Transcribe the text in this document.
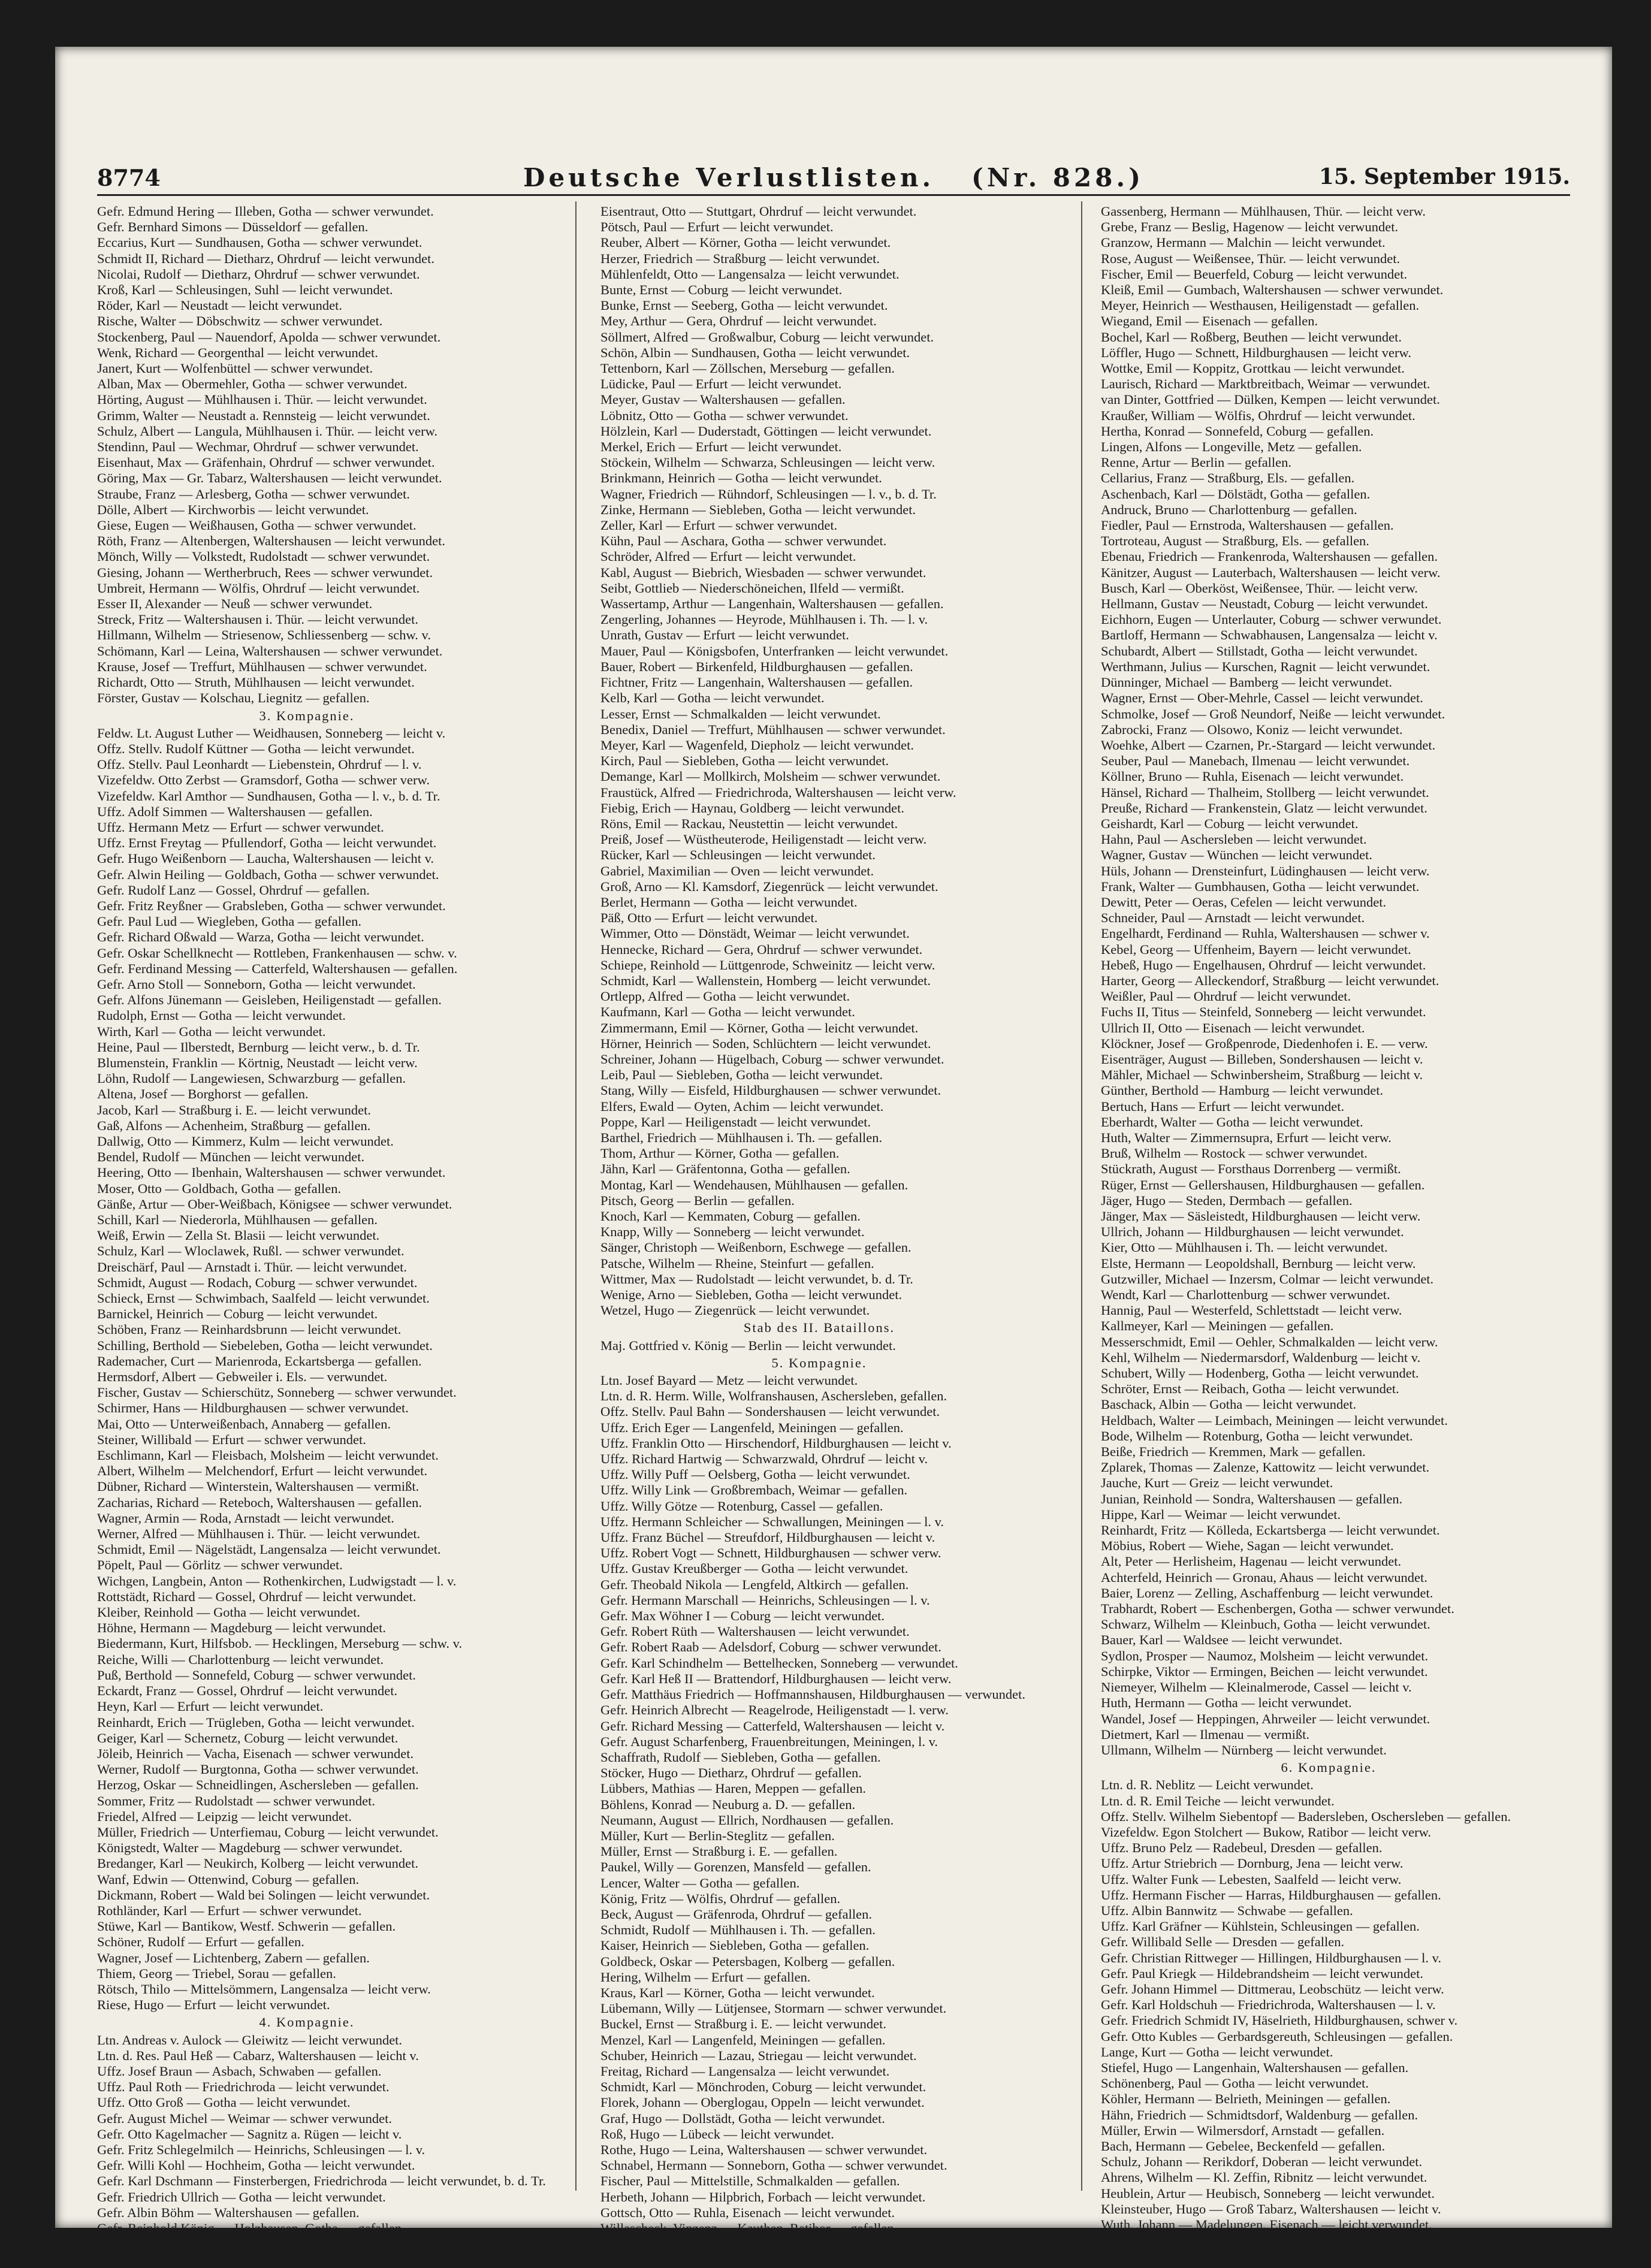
8774	Deutsche Verlustlisten. (Nr. 828.)	15. September 1915.
Gefr. Edmund Hering — Illeben, Gotha — schwer verwundet.
Gefr. Bernhard Simons — Düsseldorf — gefallen.
Eccarius, Kurt — Sundhausen, Gotha — schwer verwundet.
Schmidt II, Richard — Dietharz, Ohrdruf — leicht verwundet.
Nicolai, Rudolf — Dietharz, Ohrdruf — schwer verwundet.
Kroß, Karl — Schleusingen, Suhl — leicht verwundet.
Röder, Karl — Neustadt — leicht verwundet.
Rische, Walter — Döbschwitz — schwer verwundet.
Stockenberg, Paul — Nauendorf, Apolda — schwer verwundet.
Wenk, Richard — Georgenthal — leicht verwundet.
Janert, Kurt — Wolfenbüttel — schwer verwundet.
Alban, Max — Obermehler, Gotha — schwer verwundet.
Hörting, August — Mühlhausen i. Thür. — leicht verwundet.
Grimm, Walter — Neustadt a. Rennsteig — leicht verwundet.
Schulz, Albert — Langula, Mühlhausen i. Thür. — leicht verw.
Stendinn, Paul — Wechmar, Ohrdruf — schwer verwundet.
Eisenhaut, Max — Gräfenhain, Ohrdruf — schwer verwundet.
Göring, Max — Gr. Tabarz, Waltershausen — leicht verwundet.
Straube, Franz — Arlesberg, Gotha — schwer verwundet.
Dölle, Albert — Kirchworbis — leicht verwundet.
Giese, Eugen — Weißhausen, Gotha — schwer verwundet.
Röth, Franz — Altenbergen, Waltershausen — leicht verwundet.
Mönch, Willy — Volkstedt, Rudolstadt — schwer verwundet.
Giesing, Johann — Wertherbruch, Rees — schwer verwundet.
Umbreit, Hermann — Wölfis, Ohrdruf — leicht verwundet.
Esser II, Alexander — Neuß — schwer verwundet.
Streck, Fritz — Waltershausen i. Thür. — leicht verwundet.
Hillmann, Wilhelm — Striesenow, Schliessenberg — schw. v.
Schömann, Karl — Leina, Waltershausen — schwer verwundet.
Krause, Josef — Treffurt, Mühlhausen — schwer verwundet.
Richardt, Otto — Struth, Mühlhausen — leicht verwundet.
Förster, Gustav — Kolschau, Liegnitz — gefallen.
3. Kompagnie.
Feldw. Lt. August Luther — Weidhausen, Sonneberg — leicht v.
Offz. Stellv. Rudolf Küttner — Gotha — leicht verwundet.
Offz. Stellv. Paul Leonhardt — Liebenstein, Ohrdruf — l. v.
Vizefeldw. Otto Zerbst — Gramsdorf, Gotha — schwer verw.
Vizefeldw. Karl Amthor — Sundhausen, Gotha — l. v., b. d. Tr.
Uffz. Adolf Simmen — Waltershausen — gefallen.
Uffz. Hermann Metz — Erfurt — schwer verwundet.
Uffz. Ernst Freytag — Pfullendorf, Gotha — leicht verwundet.
Gefr. Hugo Weißenborn — Laucha, Waltershausen — leicht v.
Gefr. Alwin Heiling — Goldbach, Gotha — schwer verwundet.
Gefr. Rudolf Lanz — Gossel, Ohrdruf — gefallen.
Gefr. Fritz Reyßner — Grabsleben, Gotha — schwer verwundet.
Gefr. Paul Lud — Wiegleben, Gotha — gefallen.
Gefr. Richard Oßwald — Warza, Gotha — leicht verwundet.
Gefr. Oskar Schellknecht — Rottleben, Frankenhausen — schw. v.
Gefr. Ferdinand Messing — Catterfeld, Waltershausen — gefallen.
Gefr. Arno Stoll — Sonneborn, Gotha — leicht verwundet.
Gefr. Alfons Jünemann — Geisleben, Heiligenstadt — gefallen.
Rudolph, Ernst — Gotha — leicht verwundet.
Wirth, Karl — Gotha — leicht verwundet.
Heine, Paul — Ilberstedt, Bernburg — leicht verw., b. d. Tr.
Blumenstein, Franklin — Körtnig, Neustadt — leicht verw.
Löhn, Rudolf — Langewiesen, Schwarzburg — gefallen.
Altena, Josef — Borghorst — gefallen.
Jacob, Karl — Straßburg i. E. — leicht verwundet.
Gaß, Alfons — Achenheim, Straßburg — gefallen.
Dallwig, Otto — Kimmerz, Kulm — leicht verwundet.
Bendel, Rudolf — München — leicht verwundet.
Heering, Otto — Ibenhain, Waltershausen — schwer verwundet.
Moser, Otto — Goldbach, Gotha — gefallen.
Gänße, Artur — Ober-Weißbach, Königsee — schwer verwundet.
Schill, Karl — Niederorla, Mühlhausen — gefallen.
Weiß, Erwin — Zella St. Blasii — leicht verwundet.
Schulz, Karl — Wloclawek, Rußl. — schwer verwundet.
Dreischärf, Paul — Arnstadt i. Thür. — leicht verwundet.
Schmidt, August — Rodach, Coburg — schwer verwundet.
Schieck, Ernst — Schwimbach, Saalfeld — leicht verwundet.
Barnickel, Heinrich — Coburg — leicht verwundet.
Schöben, Franz — Reinhardsbrunn — leicht verwundet.
Schilling, Berthold — Siebeleben, Gotha — leicht verwundet.
Rademacher, Curt — Marienroda, Eckartsberga — gefallen.
Hermsdorf, Albert — Gebweiler i. Els. — verwundet.
Fischer, Gustav — Schierschütz, Sonneberg — schwer verwundet.
Schirmer, Hans — Hildburghausen — schwer verwundet.
Mai, Otto — Unterweißenbach, Annaberg — gefallen.
Steiner, Willibald — Erfurt — schwer verwundet.
Eschlimann, Karl — Fleisbach, Molsheim — leicht verwundet.
Albert, Wilhelm — Melchendorf, Erfurt — leicht verwundet.
Dübner, Richard — Winterstein, Waltershausen — vermißt.
Zacharias, Richard — Reteboch, Waltershausen — gefallen.
Wagner, Armin — Roda, Arnstadt — leicht verwundet.
Werner, Alfred — Mühlhausen i. Thür. — leicht verwundet.
Schmidt, Emil — Nägelstädt, Langensalza — leicht verwundet.
Pöpelt, Paul — Görlitz — schwer verwundet.
Wichgen, Langbein, Anton — Rothenkirchen, Ludwigstadt — l. v.
Rottstädt, Richard — Gossel, Ohrdruf — leicht verwundet.
Kleiber, Reinhold — Gotha — leicht verwundet.
Höhne, Hermann — Magdeburg — leicht verwundet.
Biedermann, Kurt, Hilfsbob. — Hecklingen, Merseburg — schw. v.
Reiche, Willi — Charlottenburg — leicht verwundet.
Puß, Berthold — Sonnefeld, Coburg — schwer verwundet.
Eckardt, Franz — Gossel, Ohrdruf — leicht verwundet.
Heyn, Karl — Erfurt — leicht verwundet.
Reinhardt, Erich — Trügleben, Gotha — leicht verwundet.
Geiger, Karl — Schernetz, Coburg — leicht verwundet.
Jöleib, Heinrich — Vacha, Eisenach — schwer verwundet.
Werner, Rudolf — Burgtonna, Gotha — schwer verwundet.
Herzog, Oskar — Schneidlingen, Aschersleben — gefallen.
Sommer, Fritz — Rudolstadt — schwer verwundet.
Friedel, Alfred — Leipzig — leicht verwundet.
Müller, Friedrich — Unterfiemau, Coburg — leicht verwundet.
Königstedt, Walter — Magdeburg — schwer verwundet.
Bredanger, Karl — Neukirch, Kolberg — leicht verwundet.
Wanf, Edwin — Ottenwind, Coburg — gefallen.
Dickmann, Robert — Wald bei Solingen — leicht verwundet.
Rothländer, Karl — Erfurt — schwer verwundet.
Stüwe, Karl — Bantikow, Westf. Schwerin — gefallen.
Schöner, Rudolf — Erfurt — gefallen.
Wagner, Josef — Lichtenberg, Zabern — gefallen.
Thiem, Georg — Triebel, Sorau — gefallen.
Rötsch, Thilo — Mittelsömmern, Langensalza — leicht verw.
Riese, Hugo — Erfurt — leicht verwundet.
4. Kompagnie.
Ltn. Andreas v. Aulock — Gleiwitz — leicht verwundet.
Ltn. d. Res. Paul Heß — Cabarz, Waltershausen — leicht v.
Uffz. Josef Braun — Asbach, Schwaben — gefallen.
Uffz. Paul Roth — Friedrichroda — leicht verwundet.
Uffz. Otto Groß — Gotha — leicht verwundet.
Gefr. August Michel — Weimar — schwer verwundet.
Gefr. Otto Kagelmacher — Sagnitz a. Rügen — leicht v.
Gefr. Fritz Schlegelmilch — Heinrichs, Schleusingen — l. v.
Gefr. Willi Kohl — Hochheim, Gotha — leicht verwundet.
Gefr. Karl Dschmann — Finsterbergen, Friedrichroda — leicht verwundet, b. d. Tr.
Gefr. Friedrich Ullrich — Gotha — leicht verwundet.
Gefr. Albin Böhm — Waltershausen — gefallen.
Gefr. Reinhold König — Holzhausen, Gotha — gefallen.
Ullrich, Paul — Siebleben, Gotha — leicht verwundet.
Eisentraut, Otto — Stuttgart, Ohrdruf — leicht verwundet.
Pötsch, Paul — Erfurt — leicht verwundet.
Reuber, Albert — Körner, Gotha — leicht verwundet.
Herzer, Friedrich — Straßburg — leicht verwundet.
Mühlenfeldt, Otto — Langensalza — leicht verwundet.
Bunte, Ernst — Coburg — leicht verwundet.
Bunke, Ernst — Seeberg, Gotha — leicht verwundet.
Mey, Arthur — Gera, Ohrdruf — leicht verwundet.
Söllmert, Alfred — Großwalbur, Coburg — leicht verwundet.
Schön, Albin — Sundhausen, Gotha — leicht verwundet.
Tettenborn, Karl — Zöllschen, Merseburg — gefallen.
Lüdicke, Paul — Erfurt — leicht verwundet.
Meyer, Gustav — Waltershausen — gefallen.
Löbnitz, Otto — Gotha — schwer verwundet.
Hölzlein, Karl — Duderstadt, Göttingen — leicht verwundet.
Merkel, Erich — Erfurt — leicht verwundet.
Stöckein, Wilhelm — Schwarza, Schleusingen — leicht verw.
Brinkmann, Heinrich — Gotha — leicht verwundet.
Wagner, Friedrich — Rühndorf, Schleusingen — l. v., b. d. Tr.
Zinke, Hermann — Siebleben, Gotha — leicht verwundet.
Zeller, Karl — Erfurt — schwer verwundet.
Kühn, Paul — Aschara, Gotha — schwer verwundet.
Schröder, Alfred — Erfurt — leicht verwundet.
Kabl, August — Biebrich, Wiesbaden — schwer verwundet.
Seibt, Gottlieb — Niederschöneichen, Ilfeld — vermißt.
Wassertamp, Arthur — Langenhain, Waltershausen — gefallen.
Zengerling, Johannes — Heyrode, Mühlhausen i. Th. — l. v.
Unrath, Gustav — Erfurt — leicht verwundet.
Mauer, Paul — Königsbofen, Unterfranken — leicht verwundet.
Bauer, Robert — Birkenfeld, Hildburghausen — gefallen.
Fichtner, Fritz — Langenhain, Waltershausen — gefallen.
Kelb, Karl — Gotha — leicht verwundet.
Lesser, Ernst — Schmalkalden — leicht verwundet.
Benedix, Daniel — Treffurt, Mühlhausen — schwer verwundet.
Meyer, Karl — Wagenfeld, Diepholz — leicht verwundet.
Kirch, Paul — Siebleben, Gotha — leicht verwundet.
Demange, Karl — Mollkirch, Molsheim — schwer verwundet.
Fraustück, Alfred — Friedrichroda, Waltershausen — leicht verw.
Fiebig, Erich — Haynau, Goldberg — leicht verwundet.
Röns, Emil — Rackau, Neustettin — leicht verwundet.
Preiß, Josef — Wüstheuterode, Heiligenstadt — leicht verw.
Rücker, Karl — Schleusingen — leicht verwundet.
Gabriel, Maximilian — Oven — leicht verwundet.
Groß, Arno — Kl. Kamsdorf, Ziegenrück — leicht verwundet.
Berlet, Hermann — Gotha — leicht verwundet.
Päß, Otto — Erfurt — leicht verwundet.
Wimmer, Otto — Dönstädt, Weimar — leicht verwundet.
Hennecke, Richard — Gera, Ohrdruf — schwer verwundet.
Schiepe, Reinhold — Lüttgenrode, Schweinitz — leicht verw.
Schmidt, Karl — Wallenstein, Homberg — leicht verwundet.
Ortlepp, Alfred — Gotha — leicht verwundet.
Kaufmann, Karl — Gotha — leicht verwundet.
Zimmermann, Emil — Körner, Gotha — leicht verwundet.
Hörner, Heinrich — Soden, Schlüchtern — leicht verwundet.
Schreiner, Johann — Hügelbach, Coburg — schwer verwundet.
Leib, Paul — Siebleben, Gotha — leicht verwundet.
Stang, Willy — Eisfeld, Hildburghausen — schwer verwundet.
Elfers, Ewald — Oyten, Achim — leicht verwundet.
Poppe, Karl — Heiligenstadt — leicht verwundet.
Barthel, Friedrich — Mühlhausen i. Th. — gefallen.
Thom, Arthur — Körner, Gotha — gefallen.
Jähn, Karl — Gräfentonna, Gotha — gefallen.
Montag, Karl — Wendehausen, Mühlhausen — gefallen.
Pitsch, Georg — Berlin — gefallen.
Knoch, Karl — Kemmaten, Coburg — gefallen.
Knapp, Willy — Sonneberg — leicht verwundet.
Sänger, Christoph — Weißenborn, Eschwege — gefallen.
Patsche, Wilhelm — Rheine, Steinfurt — gefallen.
Wittmer, Max — Rudolstadt — leicht verwundet, b. d. Tr.
Wenige, Arno — Siebleben, Gotha — leicht verwundet.
Wetzel, Hugo — Ziegenrück — leicht verwundet.
Stab des II. Bataillons.
Maj. Gottfried v. König — Berlin — leicht verwundet.
5. Kompagnie.
Ltn. Josef Bayard — Metz — leicht verwundet.
Ltn. d. R. Herm. Wille, Wolfranshausen, Aschersleben, gefallen.
Offz. Stellv. Paul Bahn — Sondershausen — leicht verwundet.
Uffz. Erich Eger — Langenfeld, Meiningen — gefallen.
Uffz. Franklin Otto — Hirschendorf, Hildburghausen — leicht v.
Uffz. Richard Hartwig — Schwarzwald, Ohrdruf — leicht v.
Uffz. Willy Puff — Oelsberg, Gotha — leicht verwundet.
Uffz. Willy Link — Großbrembach, Weimar — gefallen.
Uffz. Willy Götze — Rotenburg, Cassel — gefallen.
Uffz. Hermann Schleicher — Schwallungen, Meiningen — l. v.
Uffz. Franz Büchel — Streufdorf, Hildburghausen — leicht v.
Uffz. Robert Vogt — Schnett, Hildburghausen — schwer verw.
Uffz. Gustav Kreußberger — Gotha — leicht verwundet.
Gefr. Theobald Nikola — Lengfeld, Altkirch — gefallen.
Gefr. Hermann Marschall — Heinrichs, Schleusingen — l. v.
Gefr. Max Wöhner I — Coburg — leicht verwundet.
Gefr. Robert Rüth — Waltershausen — leicht verwundet.
Gefr. Robert Raab — Adelsdorf, Coburg — schwer verwundet.
Gefr. Karl Schindhelm — Bettelhecken, Sonneberg — verwundet.
Gefr. Karl Heß II — Brattendorf, Hildburghausen — leicht verw.
Gefr. Matthäus Friedrich — Hoffmannshausen, Hildburghausen — verwundet.
Gefr. Heinrich Albrecht — Reagelrode, Heiligenstadt — l. verw.
Gefr. Richard Messing — Catterfeld, Waltershausen — leicht v.
Gefr. August Scharfenberg, Frauenbreitungen, Meiningen, l. v.
Schaffrath, Rudolf — Siebleben, Gotha — gefallen.
Stöcker, Hugo — Dietharz, Ohrdruf — gefallen.
Lübbers, Mathias — Haren, Meppen — gefallen.
Böhlens, Konrad — Neuburg a. D. — gefallen.
Neumann, August — Ellrich, Nordhausen — gefallen.
Müller, Kurt — Berlin-Steglitz — gefallen.
Müller, Ernst — Straßburg i. E. — gefallen.
Paukel, Willy — Gorenzen, Mansfeld — gefallen.
Lencer, Walter — Gotha — gefallen.
König, Fritz — Wölfis, Ohrdruf — gefallen.
Beck, August — Gräfenroda, Ohrdruf — gefallen.
Schmidt, Rudolf — Mühlhausen i. Th. — gefallen.
Kaiser, Heinrich — Siebleben, Gotha — gefallen.
Goldbeck, Oskar — Petersbagen, Kolberg — gefallen.
Hering, Wilhelm — Erfurt — gefallen.
Kraus, Karl — Körner, Gotha — leicht verwundet.
Lübemann, Willy — Lütjensee, Stormarn — schwer verwundet.
Buckel, Ernst — Straßburg i. E. — leicht verwundet.
Menzel, Karl — Langenfeld, Meiningen — gefallen.
Schuber, Heinrich — Lazau, Striegau — leicht verwundet.
Freitag, Richard — Langensalza — leicht verwundet.
Schmidt, Karl — Mönchroden, Coburg — leicht verwundet.
Florek, Johann — Oberglogau, Oppeln — leicht verwundet.
Graf, Hugo — Dollstädt, Gotha — leicht verwundet.
Roß, Hugo — Lübeck — leicht verwundet.
Rothe, Hugo — Leina, Waltershausen — schwer verwundet.
Schnabel, Hermann — Sonneborn, Gotha — schwer verwundet.
Fischer, Paul — Mittelstille, Schmalkalden — gefallen.
Herbeth, Johann — Hilpbrich, Forbach — leicht verwundet.
Gottsch, Otto — Ruhla, Eisenach — leicht verwundet.
Willascheck, Vinzenz — Kauthen, Ratibor — gefallen.
Blever, Heinrich — Naumeiler, Zabern — gefallen.
Müller, Reinhold — Malchin — leicht verwundet.
Gassenberg, Hermann — Mühlhausen, Thür. — leicht verw.
Grebe, Franz — Beslig, Hagenow — leicht verwundet.
Granzow, Hermann — Malchin — leicht verwundet.
Rose, August — Weißensee, Thür. — leicht verwundet.
Fischer, Emil — Beuerfeld, Coburg — leicht verwundet.
Kleiß, Emil — Gumbach, Waltershausen — schwer verwundet.
Meyer, Heinrich — Westhausen, Heiligenstadt — gefallen.
Wiegand, Emil — Eisenach — gefallen.
Bochel, Karl — Roßberg, Beuthen — leicht verwundet.
Löffler, Hugo — Schnett, Hildburghausen — leicht verw.
Wottke, Emil — Koppitz, Grottkau — leicht verwundet.
Laurisch, Richard — Marktbreitbach, Weimar — verwundet.
van Dinter, Gottfried — Dülken, Kempen — leicht verwundet.
Kraußer, William — Wölfis, Ohrdruf — leicht verwundet.
Hertha, Konrad — Sonnefeld, Coburg — gefallen.
Lingen, Alfons — Longeville, Metz — gefallen.
Renne, Artur — Berlin — gefallen.
Cellarius, Franz — Straßburg, Els. — gefallen.
Aschenbach, Karl — Dölstädt, Gotha — gefallen.
Andruck, Bruno — Charlottenburg — gefallen.
Fiedler, Paul — Ernstroda, Waltershausen — gefallen.
Tortroteau, August — Straßburg, Els. — gefallen.
Ebenau, Friedrich — Frankenroda, Waltershausen — gefallen.
Känitzer, August — Lauterbach, Waltershausen — leicht verw.
Busch, Karl — Oberköst, Weißensee, Thür. — leicht verw.
Hellmann, Gustav — Neustadt, Coburg — leicht verwundet.
Eichhorn, Eugen — Unterlauter, Coburg — schwer verwundet.
Bartloff, Hermann — Schwabhausen, Langensalza — leicht v.
Schubardt, Albert — Stillstadt, Gotha — leicht verwundet.
Werthmann, Julius — Kurschen, Ragnit — leicht verwundet.
Dünninger, Michael — Bamberg — leicht verwundet.
Wagner, Ernst — Ober-Mehrle, Cassel — leicht verwundet.
Schmolke, Josef — Groß Neundorf, Neiße — leicht verwundet.
Zabrocki, Franz — Olsowo, Koniz — leicht verwundet.
Woehke, Albert — Czarnen, Pr.-Stargard — leicht verwundet.
Seuber, Paul — Manebach, Ilmenau — leicht verwundet.
Köllner, Bruno — Ruhla, Eisenach — leicht verwundet.
Hänsel, Richard — Thalheim, Stollberg — leicht verwundet.
Preuße, Richard — Frankenstein, Glatz — leicht verwundet.
Geishardt, Karl — Coburg — leicht verwundet.
Hahn, Paul — Aschersleben — leicht verwundet.
Wagner, Gustav — Wünchen — leicht verwundet.
Hüls, Johann — Drensteinfurt, Lüdinghausen — leicht verw.
Frank, Walter — Gumbhausen, Gotha — leicht verwundet.
Dewitt, Peter — Oeras, Cefelen — leicht verwundet.
Schneider, Paul — Arnstadt — leicht verwundet.
Engelhardt, Ferdinand — Ruhla, Waltershausen — schwer v.
Kebel, Georg — Uffenheim, Bayern — leicht verwundet.
Hebeß, Hugo — Engelhausen, Ohrdruf — leicht verwundet.
Harter, Georg — Alleckendorf, Straßburg — leicht verwundet.
Weißler, Paul — Ohrdruf — leicht verwundet.
Fuchs II, Titus — Steinfeld, Sonneberg — leicht verwundet.
Ullrich II, Otto — Eisenach — leicht verwundet.
Klöckner, Josef — Großpenrode, Diedenhofen i. E. — verw.
Eisenträger, August — Billeben, Sondershausen — leicht v.
Mähler, Michael — Schwinbersheim, Straßburg — leicht v.
Günther, Berthold — Hamburg — leicht verwundet.
Bertuch, Hans — Erfurt — leicht verwundet.
Eberhardt, Walter — Gotha — leicht verwundet.
Huth, Walter — Zimmernsupra, Erfurt — leicht verw.
Bruß, Wilhelm — Rostock — schwer verwundet.
Stückrath, August — Forsthaus Dorrenberg — vermißt.
Rüger, Ernst — Gellershausen, Hildburghausen — gefallen.
Jäger, Hugo — Steden, Dermbach — gefallen.
Jänger, Max — Säsleistedt, Hildburghausen — leicht verw.
Ullrich, Johann — Hildburghausen — leicht verwundet.
Kier, Otto — Mühlhausen i. Th. — leicht verwundet.
Elste, Hermann — Leopoldshall, Bernburg — leicht verw.
Gutzwiller, Michael — Inzersm, Colmar — leicht verwundet.
Wendt, Karl — Charlottenburg — schwer verwundet.
Hannig, Paul — Westerfeld, Schlettstadt — leicht verw.
Kallmeyer, Karl — Meiningen — gefallen.
Messerschmidt, Emil — Oehler, Schmalkalden — leicht verw.
Kehl, Wilhelm — Niedermarsdorf, Waldenburg — leicht v.
Schubert, Willy — Hodenberg, Gotha — leicht verwundet.
Schröter, Ernst — Reibach, Gotha — leicht verwundet.
Baschack, Albin — Gotha — leicht verwundet.
Heldbach, Walter — Leimbach, Meiningen — leicht verwundet.
Bode, Wilhelm — Rotenburg, Gotha — leicht verwundet.
Beiße, Friedrich — Kremmen, Mark — gefallen.
Zplarek, Thomas — Zalenze, Kattowitz — leicht verwundet.
Jauche, Kurt — Greiz — leicht verwundet.
Junian, Reinhold — Sondra, Waltershausen — gefallen.
Hippe, Karl — Weimar — leicht verwundet.
Reinhardt, Fritz — Kölleda, Eckartsberga — leicht verwundet.
Möbius, Robert — Wiehe, Sagan — leicht verwundet.
Alt, Peter — Herlisheim, Hagenau — leicht verwundet.
Achterfeld, Heinrich — Gronau, Ahaus — leicht verwundet.
Baier, Lorenz — Zelling, Aschaffenburg — leicht verwundet.
Trabhardt, Robert — Eschenbergen, Gotha — schwer verwundet.
Schwarz, Wilhelm — Kleinbuch, Gotha — leicht verwundet.
Bauer, Karl — Waldsee — leicht verwundet.
Sydlon, Prosper — Naumoz, Molsheim — leicht verwundet.
Schirpke, Viktor — Ermingen, Beichen — leicht verwundet.
Niemeyer, Wilhelm — Kleinalmerode, Cassel — leicht v.
Huth, Hermann — Gotha — leicht verwundet.
Wandel, Josef — Heppingen, Ahrweiler — leicht verwundet.
Dietmert, Karl — Ilmenau — vermißt.
Ullmann, Wilhelm — Nürnberg — leicht verwundet.
6. Kompagnie.
Ltn. d. R. Neblitz — Leicht verwundet.
Ltn. d. R. Emil Teiche — leicht verwundet.
Offz. Stellv. Wilhelm Siebentopf — Badersleben, Oschersleben — gefallen.
Vizefeldw. Egon Stolchert — Bukow, Ratibor — leicht verw.
Uffz. Bruno Pelz — Radebeul, Dresden — gefallen.
Uffz. Artur Striebrich — Dornburg, Jena — leicht verw.
Uffz. Walter Funk — Lebesten, Saalfeld — leicht verw.
Uffz. Hermann Fischer — Harras, Hildburghausen — gefallen.
Uffz. Albin Bannwitz — Schwabe — gefallen.
Uffz. Karl Gräfner — Kühlstein, Schleusingen — gefallen.
Gefr. Willibald Selle — Dresden — gefallen.
Gefr. Christian Rittweger — Hillingen, Hildburghausen — l. v.
Gefr. Paul Kriegk — Hildebrandsheim — leicht verwundet.
Gefr. Johann Himmel — Dittmerau, Leobschütz — leicht verw.
Gefr. Karl Holdschuh — Friedrichroda, Waltershausen — l. v.
Gefr. Friedrich Schmidt IV, Häselrieth, Hildburghausen, schwer v.
Gefr. Otto Kubles — Gerbardsgereuth, Schleusingen — gefallen.
Lange, Kurt — Gotha — leicht verwundet.
Stiefel, Hugo — Langenhain, Waltershausen — gefallen.
Schönenberg, Paul — Gotha — leicht verwundet.
Köhler, Hermann — Belrieth, Meiningen — gefallen.
Hähn, Friedrich — Schmidtsdorf, Waldenburg — gefallen.
Müller, Erwin — Wilmersdorf, Arnstadt — gefallen.
Bach, Hermann — Gebelee, Beckenfeld — gefallen.
Schulz, Johann — Rerikdorf, Doberan — leicht verwundet.
Ahrens, Wilhelm — Kl. Zeffin, Ribnitz — leicht verwundet.
Heublein, Artur — Heubisch, Sonneberg — leicht verwundet.
Kleinsteuber, Hugo — Groß Tabarz, Waltershausen — leicht v.
Wuth, Johann — Madelungen, Eisenach — leicht verwundet.
